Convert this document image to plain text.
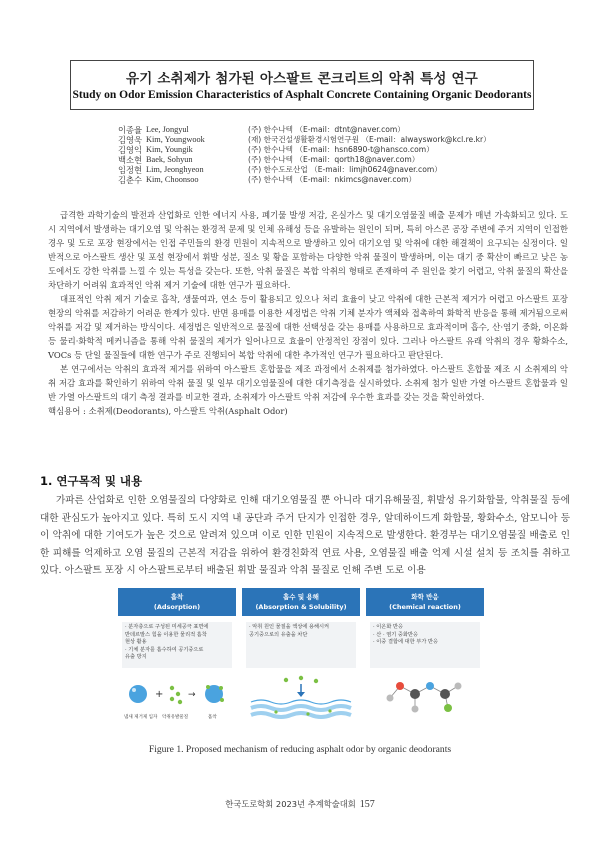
유기 소취제가 첨가된 아스팔트 콘크리트의 악취 특성 연구
Study on Odor Emission Characteristics of Asphalt Concrete Containing Organic Deodorants
이종율 Lee, Jongyul	(주) 한수나텍 （E-mail：dtnt@naver.com）
김영욱 Kim, Youngwook	(재) 한국건설생활환경시험연구원 （E-mail：alwayswork@kcl.re.kr）
김영익 Kim, Youngik	(주) 한수나텍 （E-mail：hsn6890-t@hansco.com）
백소현 Baek, Sohyun	(주) 한수나텍 （E-mail：qorth18@naver.com）
임정현 Lim, Jeonghyeon	(주) 한수도로산업 （E-mail：limjh0624@naver.com）
김춘수 Kim, Choonsoo	(주) 한수나텍 （E-mail：nkimcs@naver.com）

급격한 과학기술의 발전과 산업화로 인한 에너지 사용, 폐기물 발생 저감, 온실가스 및 대기오염물질 배출 문제가 매년 가속화되고 있다. 도시 지역에서 발생하는 대기오염 및 악취는 환경적 문제 및 인체 유해성 등을 유발하는 원인이 되며, 특히 아스콘 공장 주변에 주거 지역이 인접한 경우 및 도로 포장 현장에서는 인접 주민들의 환경 민원이 지속적으로 발생하고 있어 대기오염 및 악취에 대한 해결책이 요구되는 실정이다. 일반적으로 아스팔트 생산 및 포설 현장에서 휘발 성분, 질소 및 황을 포함하는 다양한 악취 물질이 발생하며, 이는 대기 중 확산이 빠르고 낮은 농도에서도 강한 악취를 느낄 수 있는 특성을 갖는다. 또한, 악취 물질은 복합 악취의 형태로 존재하여 주 원인을 찾기 어렵고, 악취 물질의 확산을 차단하기 어려워 효과적인 악취 제거 기술에 대한 연구가 필요하다.

대표적인 악취 제거 기술로 흡착, 생물여과, 연소 등이 활용되고 있으나 처리 효율이 낮고 악취에 대한 근본적 제거가 어렵고 아스팔트 포장 현장의 악취를 저감하기 어려운 한계가 있다. 반면 용매를 이용한 세정법은 악취 기체 분자가 액체와 접촉하여 화학적 반응을 통해 제거됨으로써 악취를 저감 및 제거하는 방식이다. 세정법은 일반적으로 물질에 대한 선택성을 갖는 용매를 사용하므로 효과적이며 흡수, 산·염기 중화, 이온화 등 물리·화학적 메커니즘을 통해 악취 물질의 제거가 일어나므로 효율이 안정적인 장점이 있다. 그러나 아스팔트 유래 악취의 경우 황화수소, VOCs 등 단일 물질들에 대한 연구가 주로 진행되어 복합 악취에 대한 추가적인 연구가 필요하다고 판단된다.

본 연구에서는 악취의 효과적 제거를 위하여 아스팔트 혼합물을 제조 과정에서 소취제를 첨가하였다. 아스팔트 혼합물 제조 시 소취제의 악취 저감 효과를 확인하기 위하여 악취 물질 및 일부 대기오염물질에 대한 대기측정을 실시하였다. 소취제 첨가 일반 가열 아스팔트 혼합물과 일반 가열 아스팔트의 대기 측정 결과를 비교한 결과, 소취제가 아스팔트 악취 저감에 우수한 효과를 갖는 것을 확인하였다.

핵심용어 : 소취제(Deodorants), 아스팔트 악취(Asphalt Odor)

1. 연구목적 및 내용

가파른 산업화로 인한 오염물질의 다양화로 인해 대기오염물질 뿐 아니라 대기유해물질, 휘발성 유기화합물, 악취물질 등에 대한 관심도가 높아지고 있다. 특히 도시 지역 내 공단과 주거 단지가 인접한 경우, 알데하이드계 화합물, 황화수소, 암모니아 등이 악취에 대한 기여도가 높은 것으로 알려져 있으며 이로 인한 민원이 지속적으로 발생한다. 환경부는 대기오염물질 배출로 인한 피해를 억제하고 오염 물질의 근본적 저감을 위하여 환경친화적 연료 사용, 오염물질 배출 억제 시설 설치 등 조치를 취하고 있다. 아스팔트 포장 시 아스팔트로부터 배출된 휘발 물질과 악취 물질로 인해 주변 도로 이용

흡착
(Adsorption)
· 분자층으로 구성된 미세공극 표면에
반데르발스 힘을 이용한 물리적 흡착
현상 활용
· 기체 분자를 흡수하여 공기중으로
유출 방지
+	→
냄새 제거제 입자 악취유발물질	흡착
흡수 및 용해
(Absorption & Solubility)
· 악취 원인 물질을 액상에 용해시켜
공기중으로의 유출을 차단
화학 반응
(Chemical reaction)
· 이온화 반응
· 산 · 염기 중화반응
· 이중 결합에 대한 부가 반응
Figure 1. Proposed mechanism of reducing asphalt odor by organic deodorants
한국도로학회 2023년 추계학술대회 157
